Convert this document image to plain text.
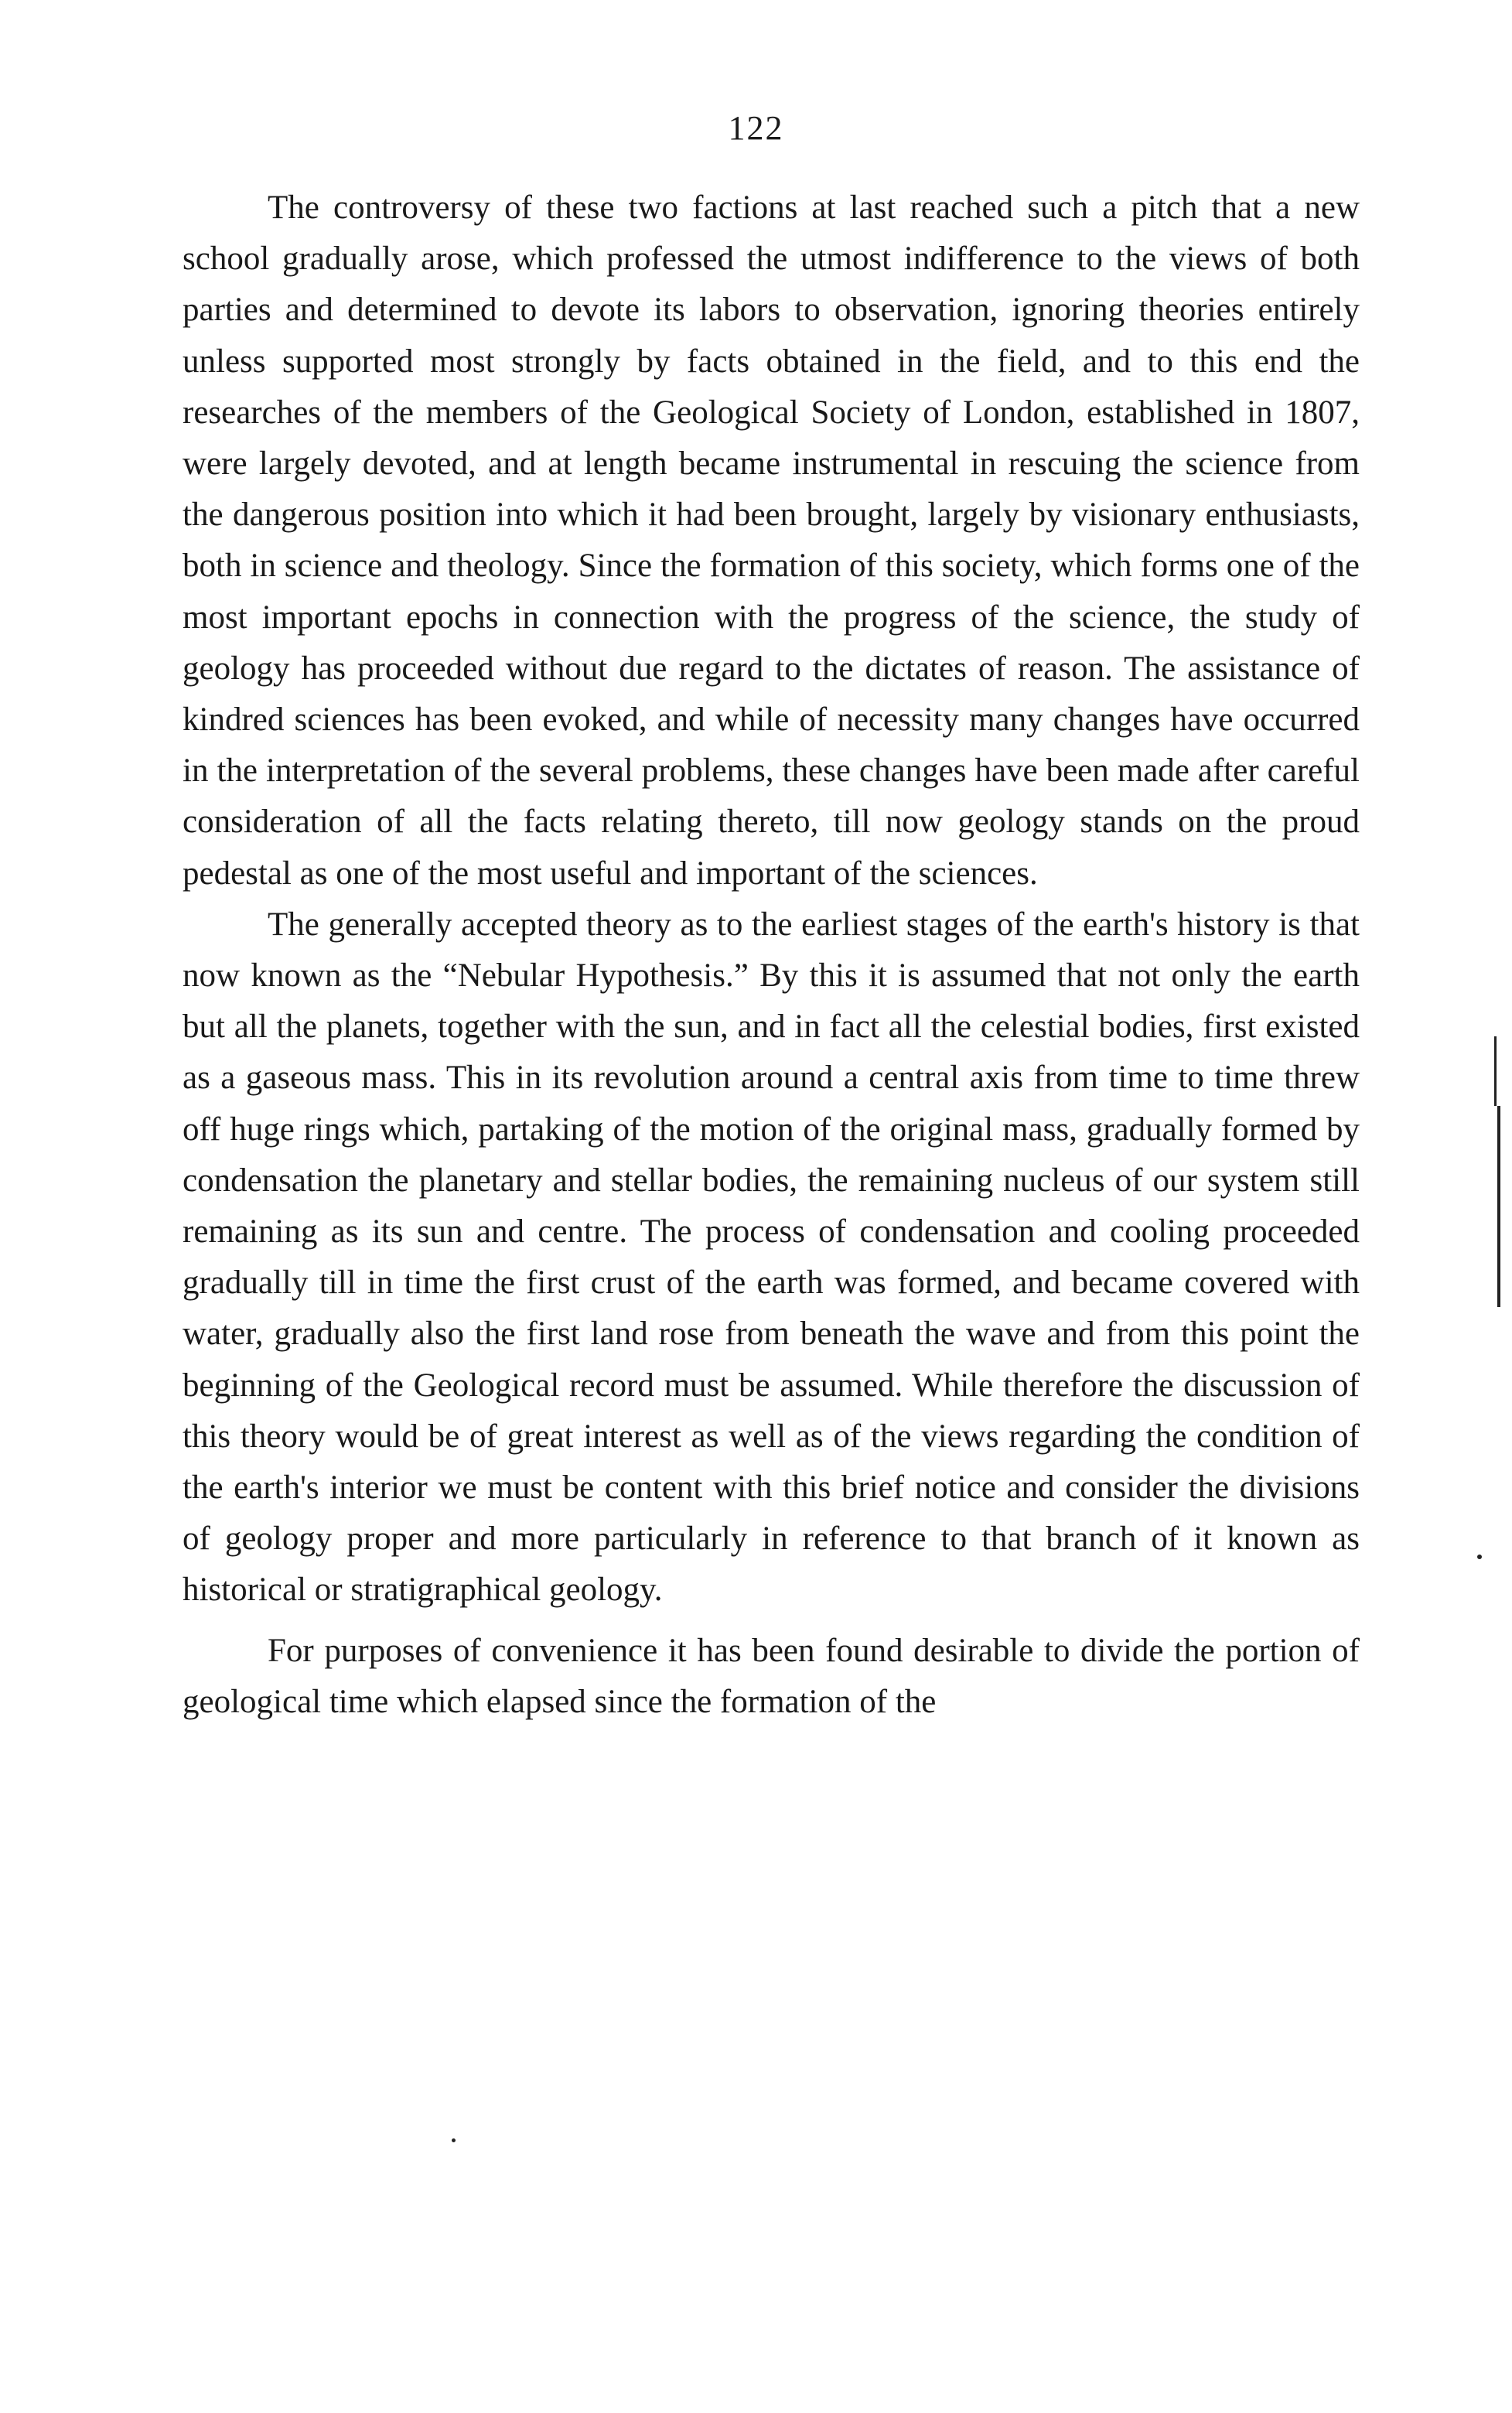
122

The controversy of these two factions at last reached such a pitch that a new school gradually arose, which professed the utmost indifference to the views of both parties and determined to devote its labors to observation, ignoring theories entirely unless supported most strongly by facts obtained in the field, and to this end the researches of the members of the Geological Society of London, established in 1807, were largely devoted, and at length became instrumental in rescuing the science from the dangerous position into which it had been brought, largely by visionary enthusiasts, both in science and theology. Since the formation of this society, which forms one of the most important epochs in connection with the progress of the science, the study of geology has proceeded without due regard to the dictates of reason. The assistance of kindred sciences has been evoked, and while of necessity many changes have occurred in the interpretation of the several problems, these changes have been made after careful consideration of all the facts relating thereto, till now geology stands on the proud pedestal as one of the most useful and important of the sciences.

The generally accepted theory as to the earliest stages of the earth's history is that now known as the “Nebular Hypothesis.” By this it is assumed that not only the earth but all the planets, together with the sun, and in fact all the celestial bodies, first existed as a gaseous mass. This in its revolution around a central axis from time to time threw off huge rings which, partaking of the motion of the original mass, gradually formed by condensation the planetary and stellar bodies, the remaining nucleus of our system still remaining as its sun and centre. The process of condensation and cooling proceeded gradually till in time the first crust of the earth was formed, and became covered with water, gradually also the first land rose from beneath the wave and from this point the beginning of the Geological record must be assumed. While therefore the discussion of this theory would be of great interest as well as of the views regarding the condition of the earth's interior we must be content with this brief notice and consider the divisions of geology proper and more particularly in reference to that branch of it known as historical or stratigraphical geology.

For purposes of convenience it has been found desirable to divide the portion of geological time which elapsed since the formation of the
